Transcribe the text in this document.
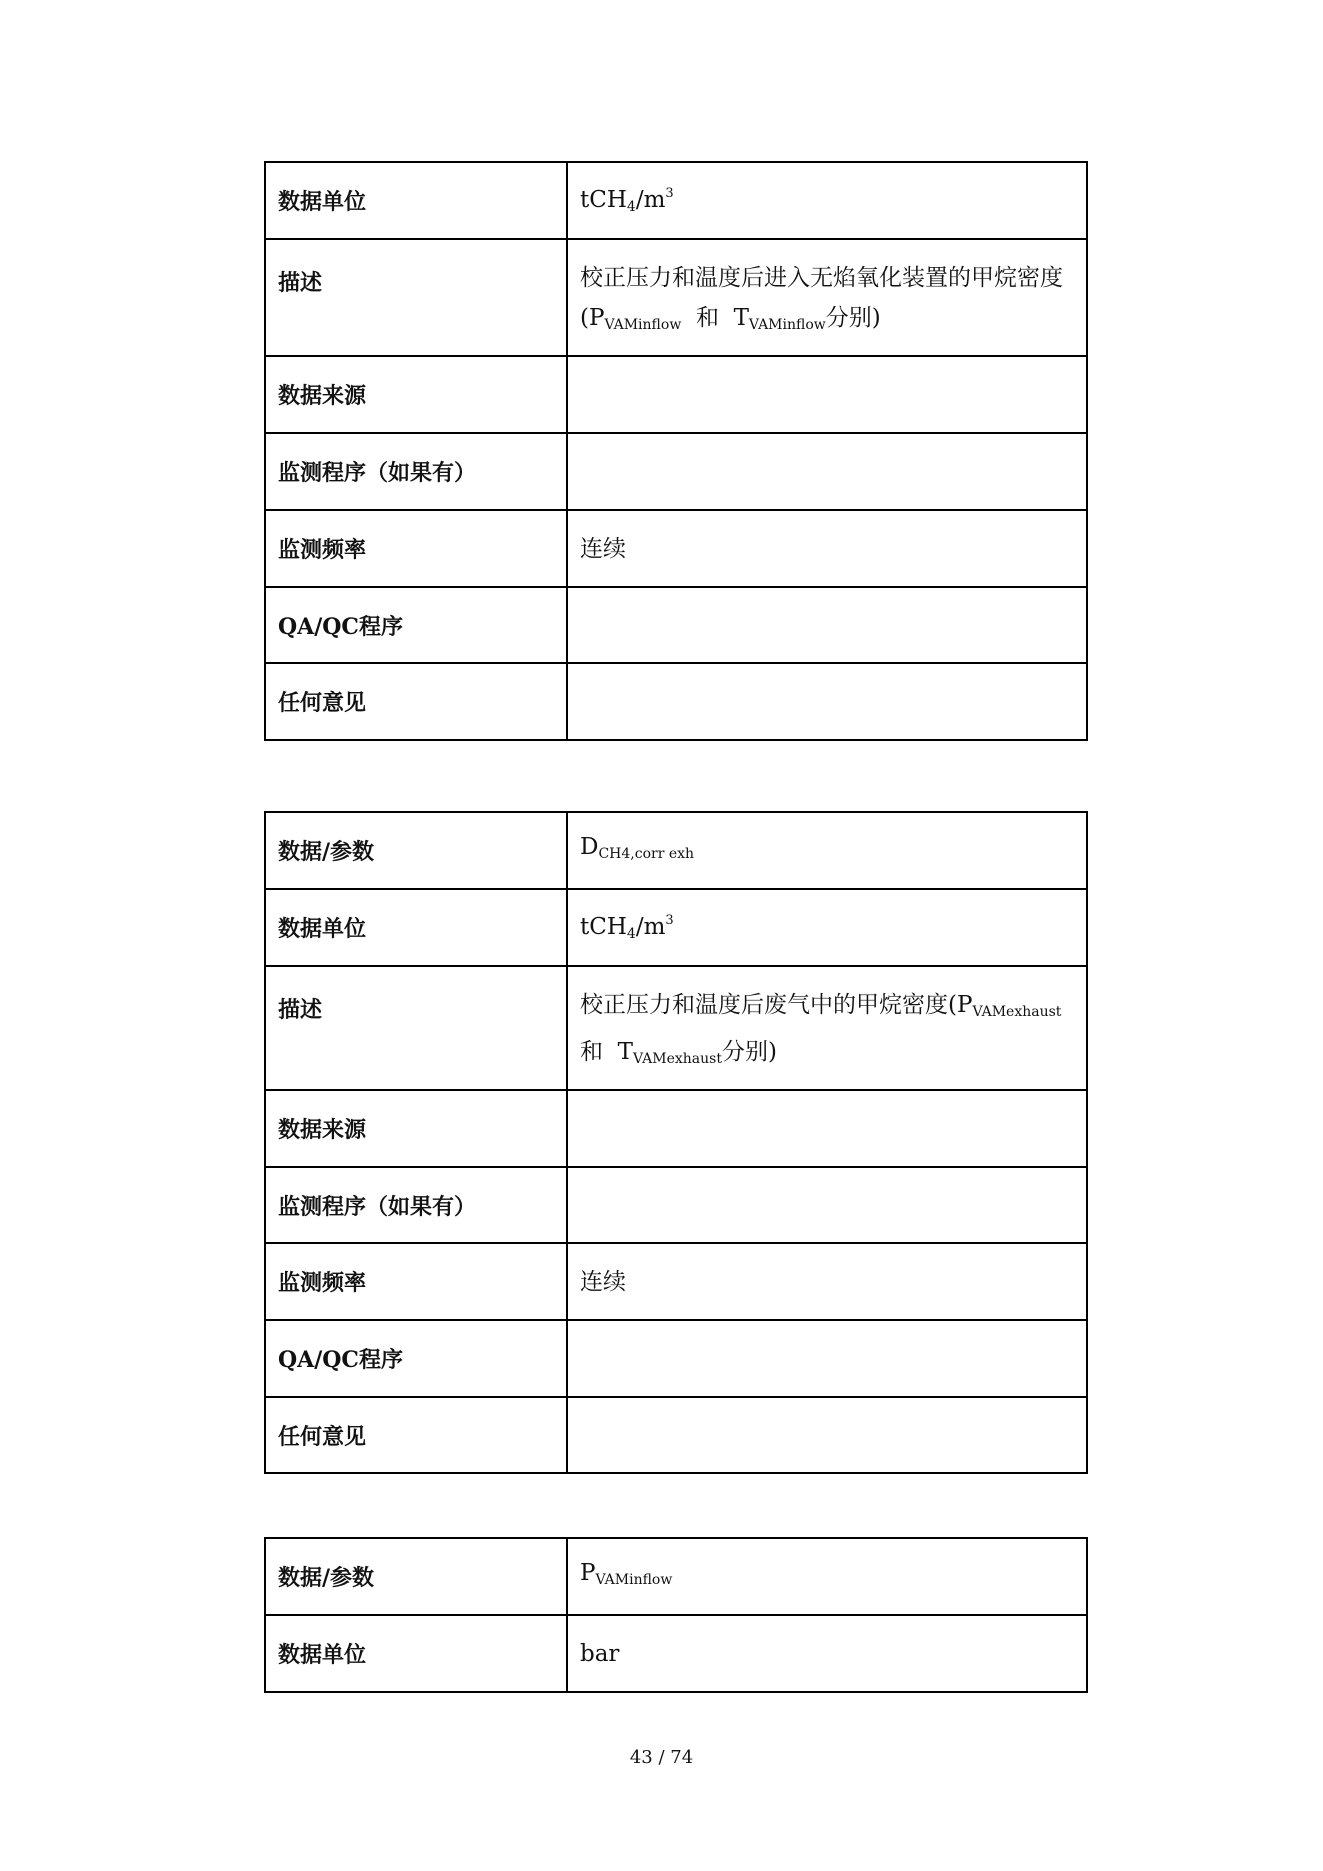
数据单位	$tCH_4/m^3$
描述	校正压力和温度后进入无焰氧化装置的甲烷密度
($P_{VAMinflow}$ 和 $T_{VAMinflow}$分别)
数据来源	
监测程序（如果有）	
监测频率	连续
QA/QC程序	
任何意见	
数据/参数	$D_{CH4,corr exh}$
数据单位	$tCH_4/m^3$
描述	校正压力和温度后废气中的甲烷密度($P_{VAMexhaust}$
和 $T_{VAMexhaust}$分别)
数据来源	
监测程序（如果有）	
监测频率	连续
QA/QC程序	
任何意见	
数据/参数	$P_{VAMinflow}$
数据单位	bar
43 / 74
